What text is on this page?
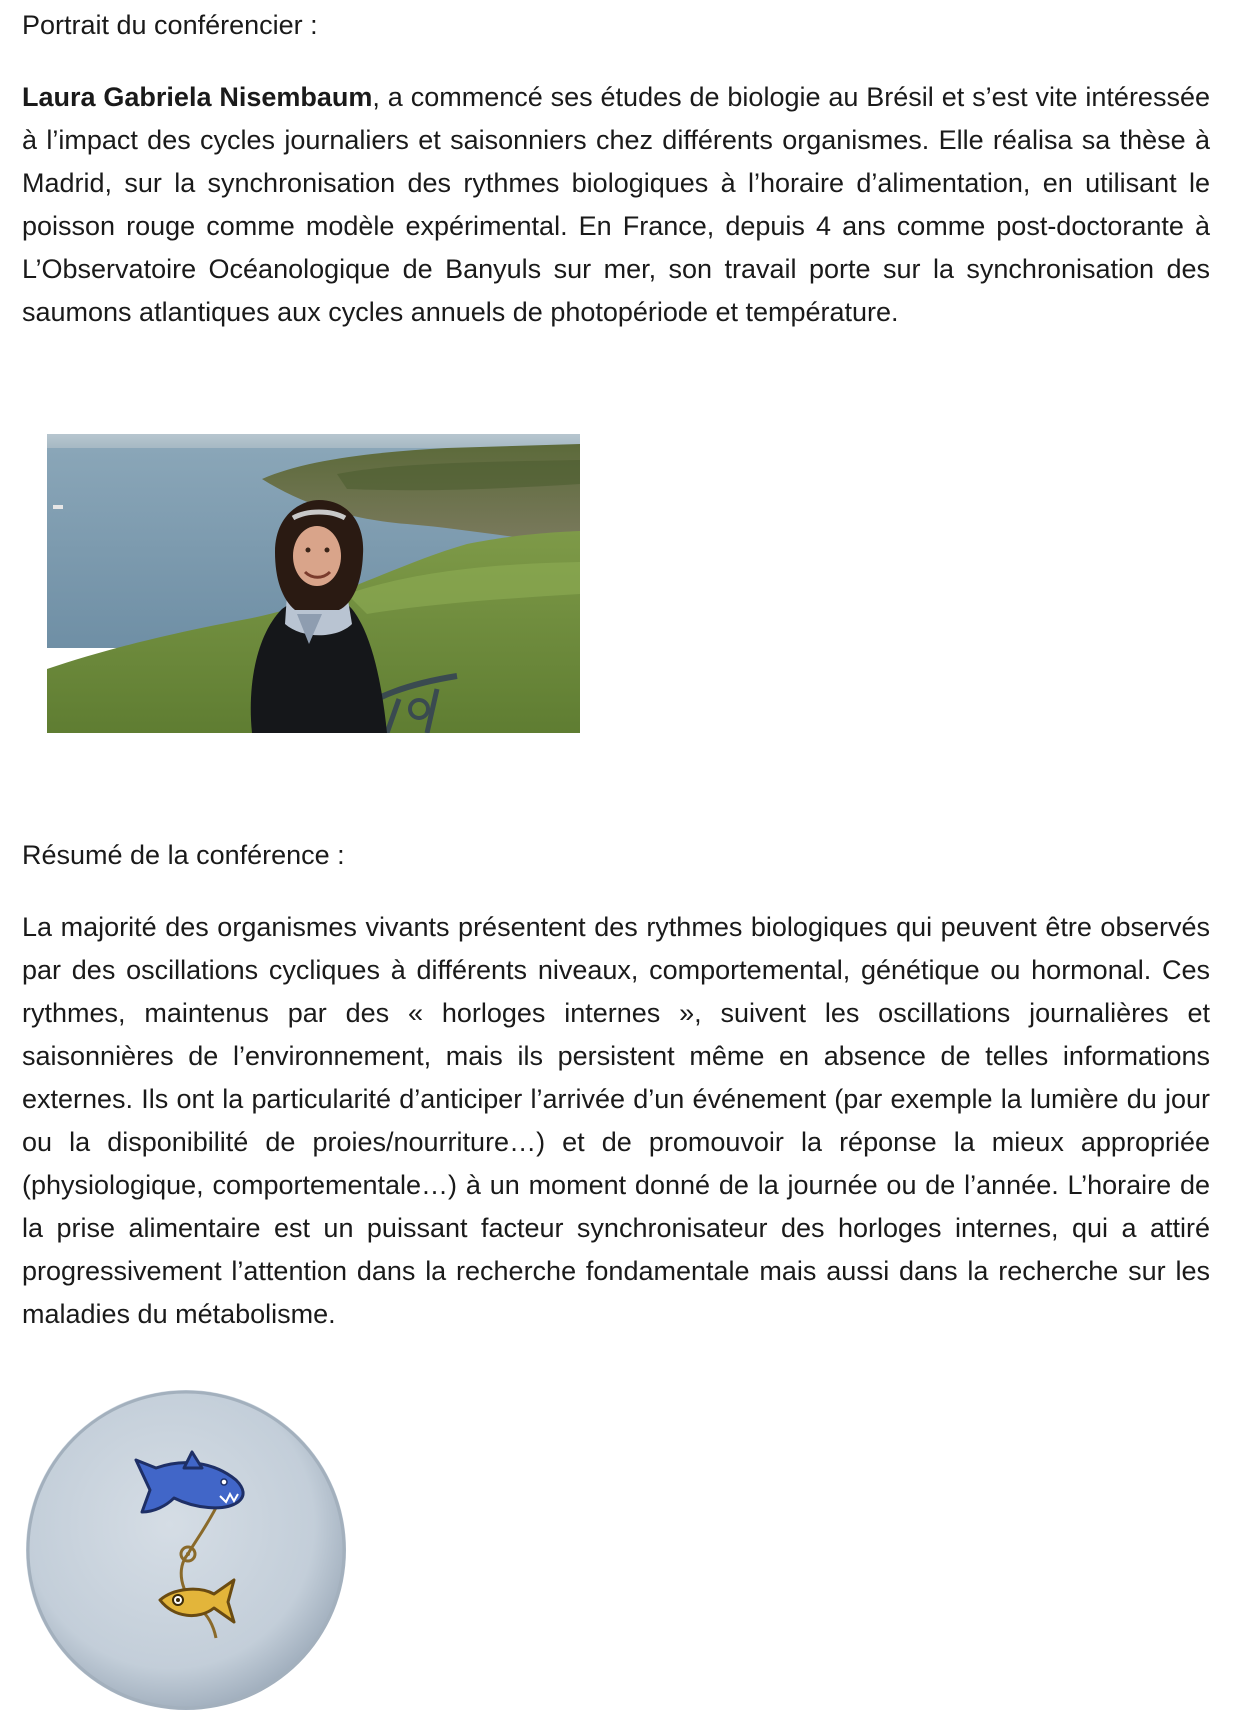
Portrait du conférencier :

Laura Gabriela Nisembaum, a commencé ses études de biologie au Brésil et s’est vite intéressée à l’impact des cycles journaliers et saisonniers chez différents organismes. Elle réalisa sa thèse à Madrid, sur la synchronisation des rythmes biologiques à l’horaire d’alimentation, en utilisant le poisson rouge comme modèle expérimental. En France, depuis 4 ans comme post-doctorante à L’Observatoire Océanologique de Banyuls sur mer, son travail porte sur la synchronisation des saumons atlantiques aux cycles annuels de photopériode et température.

Résumé de la conférence :

La majorité des organismes vivants présentent des rythmes biologiques qui peuvent être observés par des oscillations cycliques à différents niveaux, comportemental, génétique ou hormonal. Ces rythmes, maintenus par des « horloges internes », suivent les oscillations journalières et saisonnières de l’environnement, mais ils persistent même en absence de telles informations externes. Ils ont la particularité d’anticiper l’arrivée d’un événement (par exemple la lumière du jour ou la disponibilité de proies/nourriture…) et de promouvoir la réponse la mieux appropriée (physiologique, comportementale…) à un moment donné de la journée ou de l’année. L’horaire de la prise alimentaire est un puissant facteur synchronisateur des horloges internes, qui a attiré progressivement l’attention dans la recherche fondamentale mais aussi dans la recherche sur les maladies du métabolisme.
